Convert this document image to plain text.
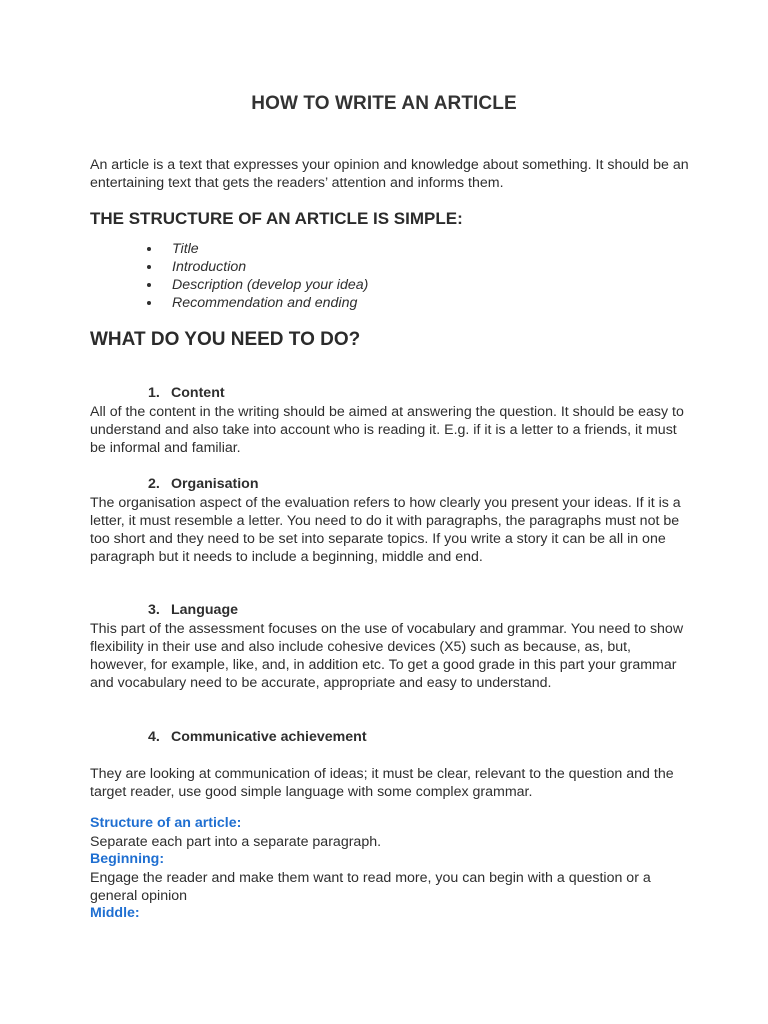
HOW TO WRITE AN ARTICLE

An article is a text that expresses your opinion and knowledge about something. It should be an entertaining text that gets the readers’ attention and informs them.

THE STRUCTURE OF AN ARTICLE IS SIMPLE:
Title
Introduction
Description (develop your idea)
Recommendation and ending
WHAT DO YOU NEED TO DO?
1. Content

All of the content in the writing should be aimed at answering the question. It should be easy to understand and also take into account who is reading it. E.g. if it is a letter to a friends, it must be informal and familiar.

2. Organisation

The organisation aspect of the evaluation refers to how clearly you present your ideas. If it is a letter, it must resemble a letter. You need to do it with paragraphs, the paragraphs must not be too short and they need to be set into separate topics. If you write a story it can be all in one paragraph but it needs to include a beginning, middle and end.

3. Language

This part of the assessment focuses on the use of vocabulary and grammar. You need to show flexibility in their use and also include cohesive devices (X5) such as because, as, but, however, for example, like, and, in addition etc. To get a good grade in this part your grammar and vocabulary need to be accurate, appropriate and easy to understand.

4. Communicative achievement

They are looking at communication of ideas; it must be clear, relevant to the question and the target reader, use good simple language with some complex grammar.

Structure of an article:

Separate each part into a separate paragraph.

Beginning:

Engage the reader and make them want to read more, you can begin with a question or a general opinion

Middle:
